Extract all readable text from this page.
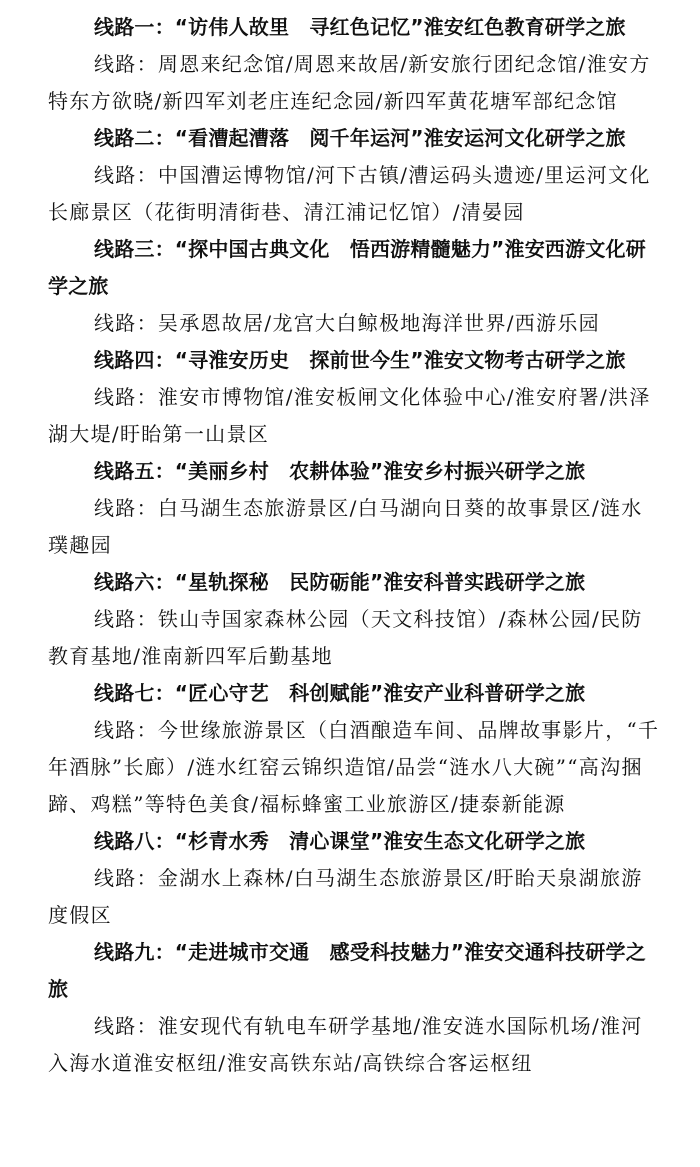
线路一：“访伟人故里　寻红色记忆”淮安红色教育研学之旅

线路：周恩来纪念馆/周恩来故居/新安旅行团纪念馆/淮安方特东方欲晓/新四军刘老庄连纪念园/新四军黄花塘军部纪念馆

线路二：“看漕起漕落　阅千年运河”淮安运河文化研学之旅

线路：中国漕运博物馆/河下古镇/漕运码头遗迹/里运河文化长廊景区（花街明清街巷、清江浦记忆馆）/清晏园

线路三：“探中国古典文化　悟西游精髓魅力”淮安西游文化研学之旅

线路：吴承恩故居/龙宫大白鲸极地海洋世界/西游乐园

线路四：“寻淮安历史　探前世今生”淮安文物考古研学之旅

线路：淮安市博物馆/淮安板闸文化体验中心/淮安府署/洪泽湖大堤/盱眙第一山景区

线路五：“美丽乡村　农耕体验”淮安乡村振兴研学之旅

线路：白马湖生态旅游景区/白马湖向日葵的故事景区/涟水璞趣园

线路六：“星轨探秘　民防砺能”淮安科普实践研学之旅

线路：铁山寺国家森林公园（天文科技馆）/森林公园/民防教育基地/淮南新四军后勤基地

线路七：“匠心守艺　科创赋能”淮安产业科普研学之旅

线路：今世缘旅游景区（白酒酿造车间、品牌故事影片，“千年酒脉”长廊）/涟水红窑云锦织造馆/品尝“涟水八大碗”“高沟捆蹄、鸡糕”等特色美食/福标蜂蜜工业旅游区/捷泰新能源

线路八：“杉青水秀　清心课堂”淮安生态文化研学之旅

线路：金湖水上森林/白马湖生态旅游景区/盱眙天泉湖旅游度假区

线路九：“走进城市交通　感受科技魅力”淮安交通科技研学之旅

线路：淮安现代有轨电车研学基地/淮安涟水国际机场/淮河入海水道淮安枢纽/淮安高铁东站/高铁综合客运枢纽
